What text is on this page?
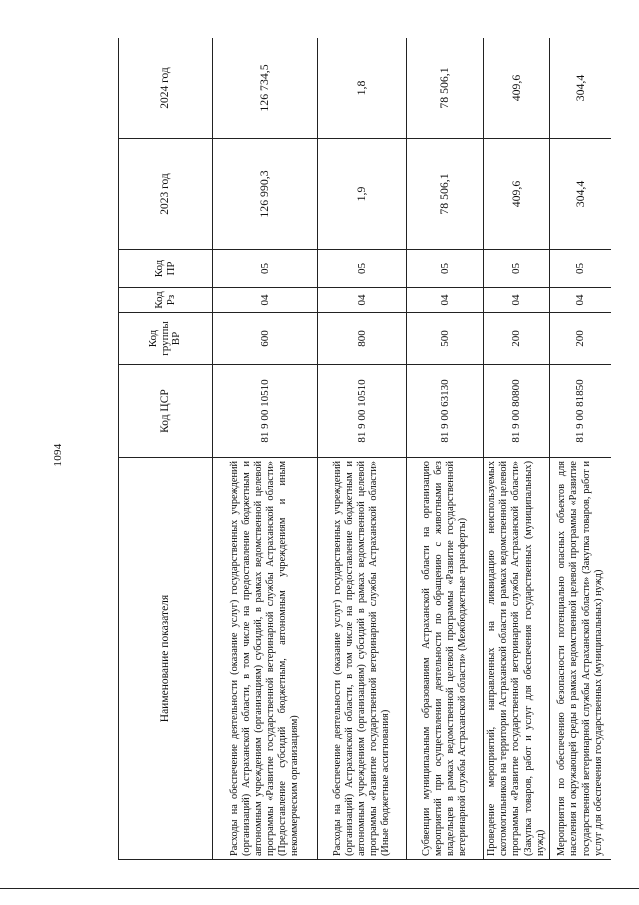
1094
Наименование показателя	Код ЦСР	Код группы ВР	Код Рз	Код ПР	2023 год	2024 год
Расходы на обеспечение деятельности (оказание услуг) государственных учреждений (организаций) Астраханской области, в том числе на предоставление бюджетным и автономным учреждениям (организациям) субсидий, в рамках ведомственной целевой программы «Развитие государственной ветеринарной службы Астраханской области» (Предоставление субсидий бюджетным, автономным учреждениям и иным некоммерческим организациям)	81 9 00 10510	600	04	05	126 990,3	126 734,5
Расходы на обеспечение деятельности (оказание услуг) государственных учреждений (организаций) Астраханской области, в том числе на предоставление бюджетным и автономным учреждениям (организациям) субсидий в рамках ведомственной целевой программы «Развитие государственной ветеринарной службы Астраханской области» (Иные бюджетные ассигнования)	81 9 00 10510	800	04	05	1,9	1,8
Субвенции муниципальным образованиям Астраханской области на организацию мероприятий при осуществлении деятельности по обращению с животными без владельцев в рамках ведомственной целевой программы «Развитие государственной ветеринарной службы Астраханской области» (Межбюджетные трансферты)	81 9 00 63130	500	04	05	78 506,1	78 506,1
Проведение мероприятий, направленных на ликвидацию неиспользуемых скотомогильников на территории Астраханской области в рамках ведомственной целевой программы «Развитие государственной ветеринарной службы Астраханской области» (Закупка товаров, работ и услуг для обеспечения государственных (муниципальных) нужд)	81 9 00 80800	200	04	05	409,6	409,6
Мероприятия по обеспечению безопасности потенциально опасных объектов для населения и окружающей среды в рамках ведомственной целевой программы «Развитие государственной ветеринарной службы Астраханской области» (Закупка товаров, работ и услуг для обеспечения государственных (муниципальных) нужд)	81 9 00 81850	200	04	05	304,4	304,4
